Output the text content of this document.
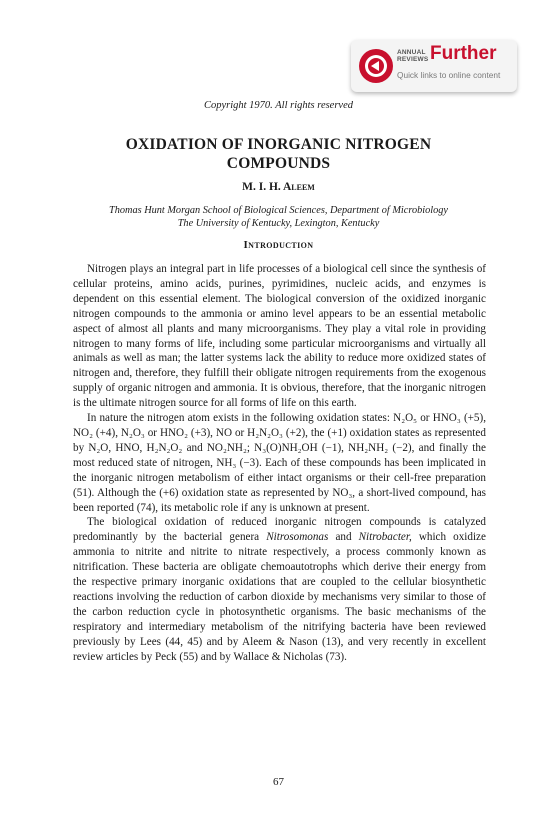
ANNUAL
REVIEWS Further
Quick links to online content
Copyright 1970. All rights reserved
OXIDATION OF INORGANIC NITROGEN
COMPOUNDS
M. I. H. Aleem
Thomas Hunt Morgan School of Biological Sciences, Department of Microbiology
The University of Kentucky, Lexington, Kentucky
Introduction

Nitrogen plays an integral part in life processes of a biological cell since the synthesis of cellular proteins, amino acids, purines, pyrimidines, nucleic acids, and enzymes is dependent on this essential element. The biological conversion of the oxidized inorganic nitrogen compounds to the ammonia or amino level appears to be an essential metabolic aspect of almost all plants and many microorganisms. They play a vital role in providing nitrogen to many forms of life, including some particular microorganisms and virtually all animals as well as man; the latter systems lack the ability to reduce more oxidized states of nitrogen and, therefore, they fulfill their obligate nitrogen requirements from the exogenous supply of organic nitrogen and ammonia. It is obvious, therefore, that the inorganic nitrogen is the ultimate nitrogen source for all forms of life on this earth.

In nature the nitrogen atom exists in the following oxidation states: N₂O₅ or HNO₃ (+5), NO₂ (+4), N₂O₃ or HNO₂ (+3), NO or H₂N₂O₃ (+2), the (+1) oxidation states as represented by N₂O, HNO, H₂N₂O₂ and NO₂NH₂; N₃(O)NH₂OH (−1), NH₂NH₂ (−2), and finally the most reduced state of nitrogen, NH₃ (−3). Each of these compounds has been implicated in the inorganic nitrogen metabolism of either intact organisms or their cell-free preparation (51). Although the (+6) oxidation state as represented by NO₃, a short-lived compound, has been reported (74), its metabolic role if any is unknown at present.

The biological oxidation of reduced inorganic nitrogen compounds is catalyzed predominantly by the bacterial genera Nitrosomonas and Nitrobacter, which oxidize ammonia to nitrite and nitrite to nitrate respectively, a process commonly known as nitrification. These bacteria are obligate chemoautotrophs which derive their energy from the respective primary inorganic oxidations that are coupled to the cellular biosynthetic reactions involving the reduction of carbon dioxide by mechanisms very similar to those of the carbon reduction cycle in photosynthetic organisms. The basic mechanisms of the respiratory and intermediary metabolism of the nitrifying bacteria have been reviewed previously by Lees (44, 45) and by Aleem & Nason (13), and very recently in excellent review articles by Peck (55) and by Wallace & Nicholas (73).

67
